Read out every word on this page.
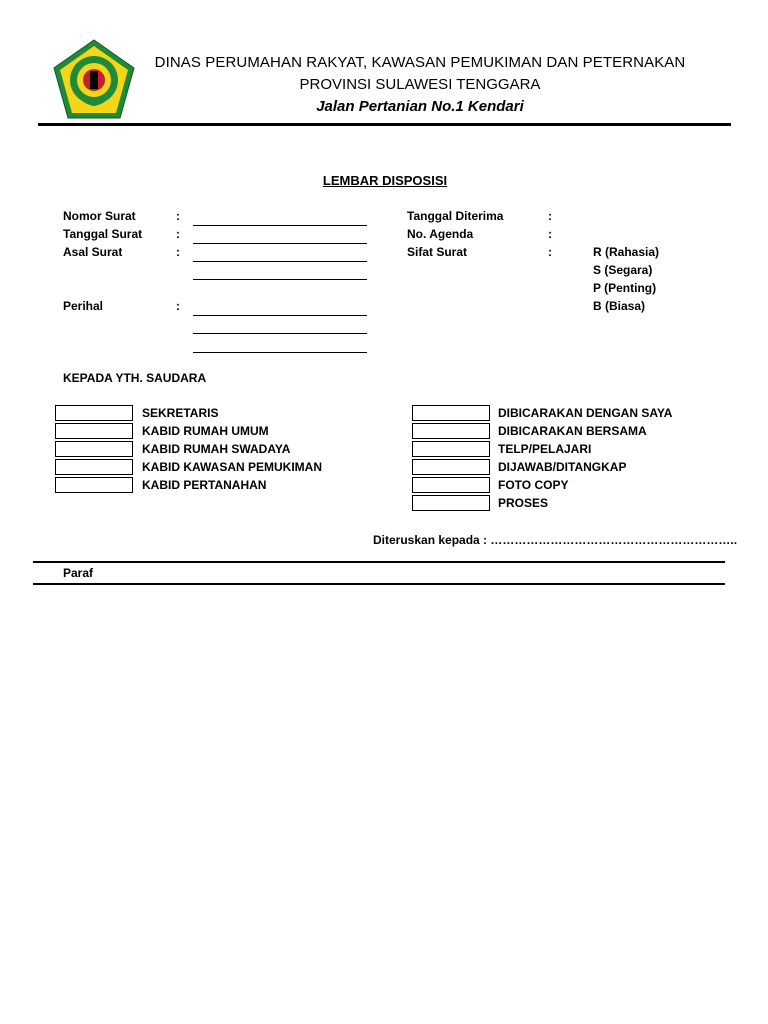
DINAS PERUMAHAN RAKYAT, KAWASAN PEMUKIMAN DAN PETERNAKAN
PROVINSI SULAWESI TENGGARA
Jalan Pertanian No.1 Kendari
LEMBAR DISPOSISI
Nomor Surat	:
Tanggal Surat	:
Asal Surat	:
Perihal	:
Tanggal Diterima	:
No. Agenda	:
Sifat Surat	:	R (Rahasia)
S (Segara)
P (Penting)
B (Biasa)
KEPADA YTH. SAUDARA
SEKRETARIS
KABID RUMAH UMUM
KABID RUMAH SWADAYA
KABID KAWASAN PEMUKIMAN
KABID PERTANAHAN
DIBICARAKAN DENGAN SAYA
DIBICARAKAN BERSAMA
TELP/PELAJARI
DIJAWAB/DITANGKAP
FOTO COPY
PROSES
Diteruskan kepada : ……………………………………………………..
Paraf
